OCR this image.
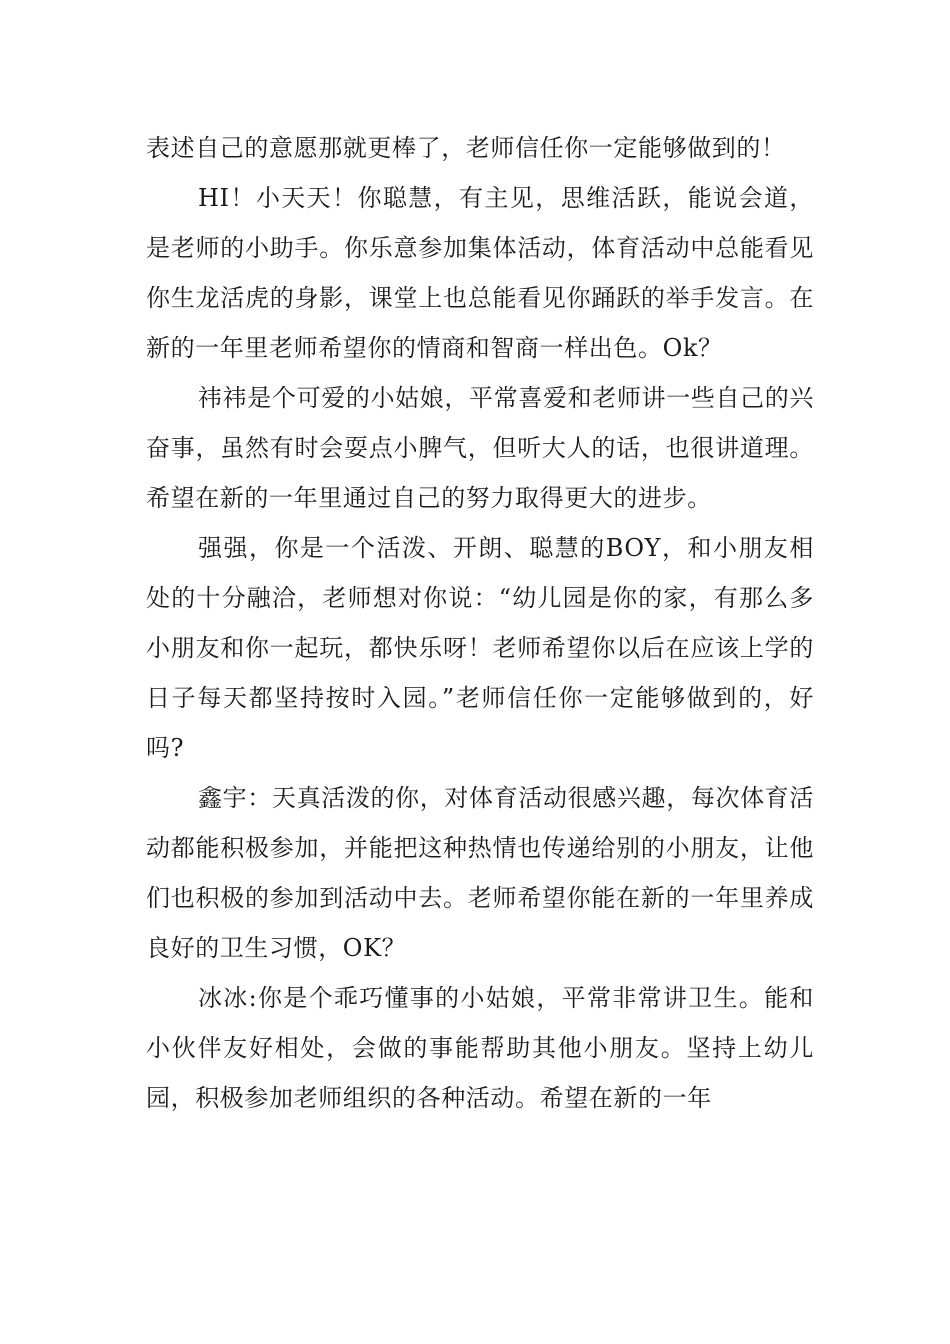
表述自己的意愿那就更棒了，老师信任你一定能够做到的！

HI！小天天！你聪慧，有主见，思维活跃，能说会道，是老师的小助手。你乐意参加集体活动，体育活动中总能看见你生龙活虎的身影，课堂上也总能看见你踊跃的举手发言。在新的一年里老师希望你的情商和智商一样出色。Ok？

祎祎是个可爱的小姑娘，平常喜爱和老师讲一些自己的兴奋事，虽然有时会耍点小脾气，但听大人的话，也很讲道理。希望在新的一年里通过自己的努力取得更大的进步。

强强，你是一个活泼、开朗、聪慧的BOY，和小朋友相处的十分融洽，老师想对你说：“幼儿园是你的家，有那么多小朋友和你一起玩，都快乐呀！老师希望你以后在应该上学的日子每天都坚持按时入园。”老师信任你一定能够做到的，好吗?

鑫宇：天真活泼的你，对体育活动很感兴趣，每次体育活动都能积极参加，并能把这种热情也传递给别的小朋友，让他们也积极的参加到活动中去。老师希望你能在新的一年里养成良好的卫生习惯，OK？

冰冰:你是个乖巧懂事的小姑娘，平常非常讲卫生。能和小伙伴友好相处，会做的事能帮助其他小朋友。坚持上幼儿园，积极参加老师组织的各种活动。希望在新的一年
